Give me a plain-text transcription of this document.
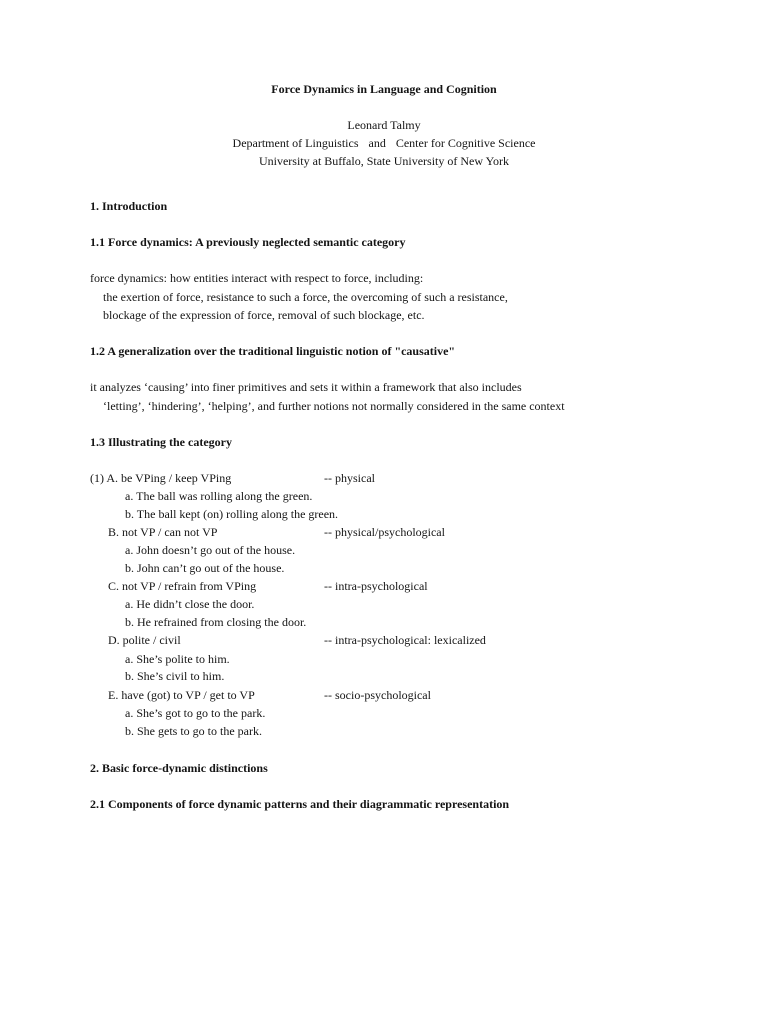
Force Dynamics in Language and Cognition
Leonard Talmy
Department of Linguistics and Center for Cognitive Science
University at Buffalo, State University of New York
1. Introduction
1.1 Force dynamics: A previously neglected semantic category
force dynamics: how entities interact with respect to force, including:
the exertion of force, resistance to such a force, the overcoming of such a resistance,
blockage of the expression of force, removal of such blockage, etc.
1.2 A generalization over the traditional linguistic notion of "causative"
it analyzes ‘causing’ into finer primitives and sets it within a framework that also includes
‘letting’, ‘hindering’, ‘helping’, and further notions not normally considered in the same context
1.3 Illustrating the category
(1) A. be VPing / keep VPing	-- physical
a. The ball was rolling along the green.
b. The ball kept (on) rolling along the green.
B. not VP / can not VP	-- physical/psychological
a. John doesn’t go out of the house.
b. John can’t go out of the house.
C. not VP / refrain from VPing	-- intra-psychological
a. He didn’t close the door.
b. He refrained from closing the door.
D. polite / civil	-- intra-psychological: lexicalized
a. She’s polite to him.
b. She’s civil to him.
E. have (got) to VP / get to VP	-- socio-psychological
a. She’s got to go to the park.
b. She gets to go to the park.
2. Basic force-dynamic distinctions
2.1 Components of force dynamic patterns and their diagrammatic representation
